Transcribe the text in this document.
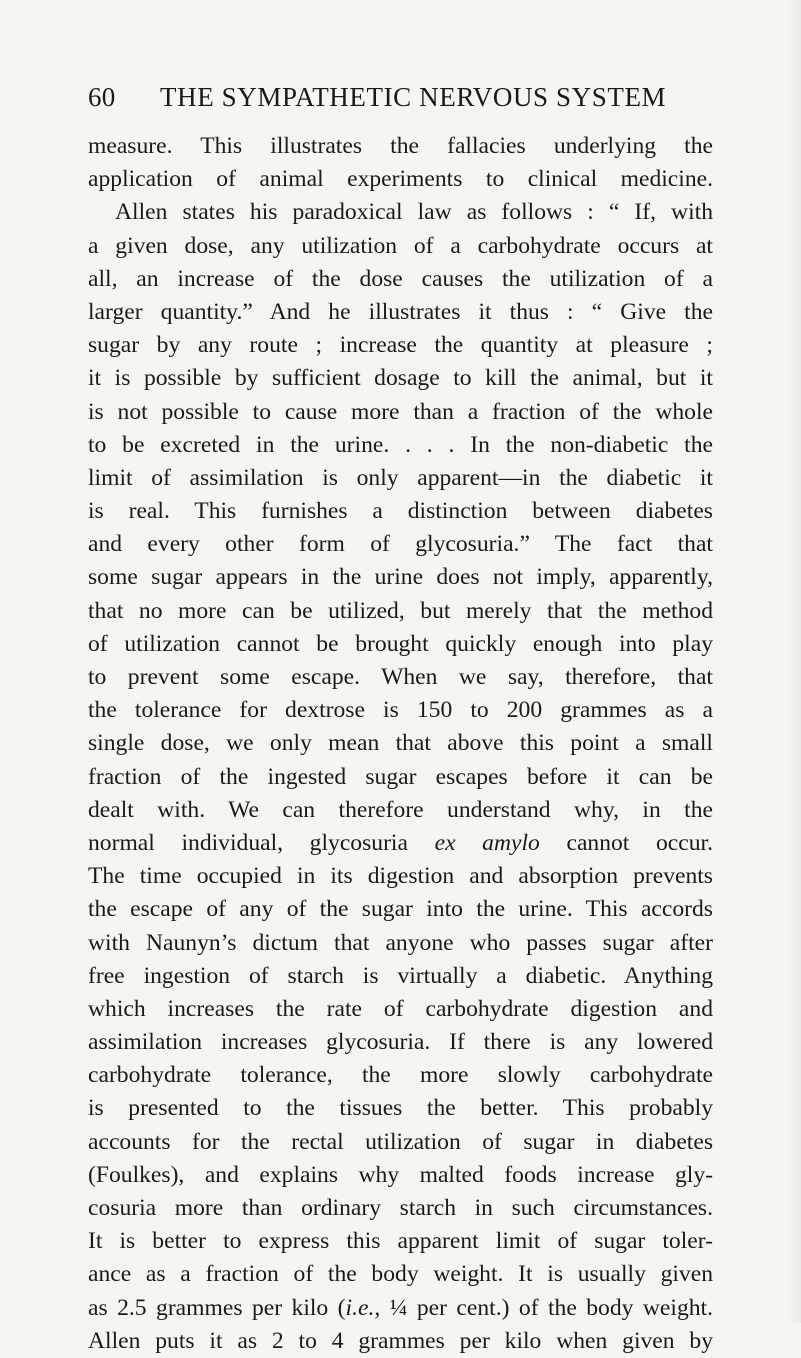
60 THE SYMPATHETIC NERVOUS SYSTEM
measure. This illustrates the fallacies underlying the
application of animal experiments to clinical medicine.
Allen states his paradoxical law as follows : “ If, with
a given dose, any utilization of a carbohydrate occurs at
all, an increase of the dose causes the utilization of a
larger quantity.” And he illustrates it thus : “ Give the
sugar by any route ; increase the quantity at pleasure ;
it is possible by sufficient dosage to kill the animal, but it
is not possible to cause more than a fraction of the whole
to be excreted in the urine. . . . In the non-diabetic the
limit of assimilation is only apparent—in the diabetic it
is real. This furnishes a distinction between diabetes
and every other form of glycosuria.” The fact that
some sugar appears in the urine does not imply, apparently,
that no more can be utilized, but merely that the method
of utilization cannot be brought quickly enough into play
to prevent some escape. When we say, therefore, that
the tolerance for dextrose is 150 to 200 grammes as a
single dose, we only mean that above this point a small
fraction of the ingested sugar escapes before it can be
dealt with. We can therefore understand why, in the
normal individual, glycosuria ex amylo cannot occur.
The time occupied in its digestion and absorption prevents
the escape of any of the sugar into the urine. This accords
with Naunyn’s dictum that anyone who passes sugar after
free ingestion of starch is virtually a diabetic. Anything
which increases the rate of carbohydrate digestion and
assimilation increases glycosuria. If there is any lowered
carbohydrate tolerance, the more slowly carbohydrate
is presented to the tissues the better. This probably
accounts for the rectal utilization of sugar in diabetes
(Foulkes), and explains why malted foods increase gly-
cosuria more than ordinary starch in such circumstances.
It is better to express this apparent limit of sugar toler-
ance as a fraction of the body weight. It is usually given
as 2.5 grammes per kilo (i.e., ¼ per cent.) of the body weight.
Allen puts it as 2 to 4 grammes per kilo when given by
